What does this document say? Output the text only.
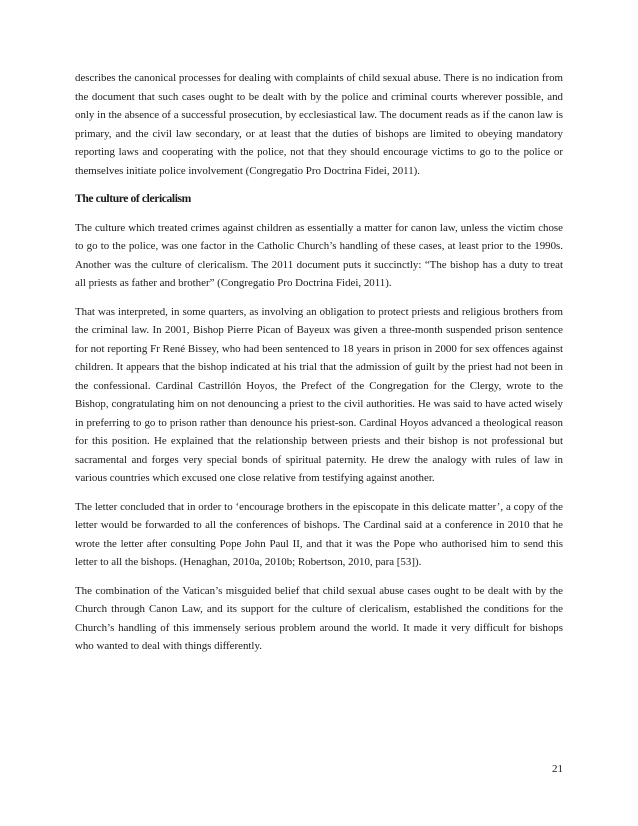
describes the canonical processes for dealing with complaints of child sexual abuse. There is no indication from the document that such cases ought to be dealt with by the police and criminal courts wherever possible, and only in the absence of a successful prosecution, by ecclesiastical law. The document reads as if the canon law is primary, and the civil law secondary, or at least that the duties of bishops are limited to obeying mandatory reporting laws and cooperating with the police, not that they should encourage victims to go to the police or themselves initiate police involvement (Congregatio Pro Doctrina Fidei, 2011).

The culture of clericalism

The culture which treated crimes against children as essentially a matter for canon law, unless the victim chose to go to the police, was one factor in the Catholic Church’s handling of these cases, at least prior to the 1990s. Another was the culture of clericalism. The 2011 document puts it succinctly: “The bishop has a duty to treat all priests as father and brother” (Congregatio Pro Doctrina Fidei, 2011).

That was interpreted, in some quarters, as involving an obligation to protect priests and religious brothers from the criminal law. In 2001, Bishop Pierre Pican of Bayeux was given a three-month suspended prison sentence for not reporting Fr René Bissey, who had been sentenced to 18 years in prison in 2000 for sex offences against children. It appears that the bishop indicated at his trial that the admission of guilt by the priest had not been in the confessional. Cardinal Castrillón Hoyos, the Prefect of the Congregation for the Clergy, wrote to the Bishop, congratulating him on not denouncing a priest to the civil authorities. He was said to have acted wisely in preferring to go to prison rather than denounce his priest-son. Cardinal Hoyos advanced a theological reason for this position. He explained that the relationship between priests and their bishop is not professional but sacramental and forges very special bonds of spiritual paternity. He drew the analogy with rules of law in various countries which excused one close relative from testifying against another.

The letter concluded that in order to ‘encourage brothers in the episcopate in this delicate matter’, a copy of the letter would be forwarded to all the conferences of bishops. The Cardinal said at a conference in 2010 that he wrote the letter after consulting Pope John Paul II, and that it was the Pope who authorised him to send this letter to all the bishops. (Henaghan, 2010a, 2010b; Robertson, 2010, para [53]).

The combination of the Vatican’s misguided belief that child sexual abuse cases ought to be dealt with by the Church through Canon Law, and its support for the culture of clericalism, established the conditions for the Church’s handling of this immensely serious problem around the world. It made it very difficult for bishops who wanted to deal with things differently.

21
